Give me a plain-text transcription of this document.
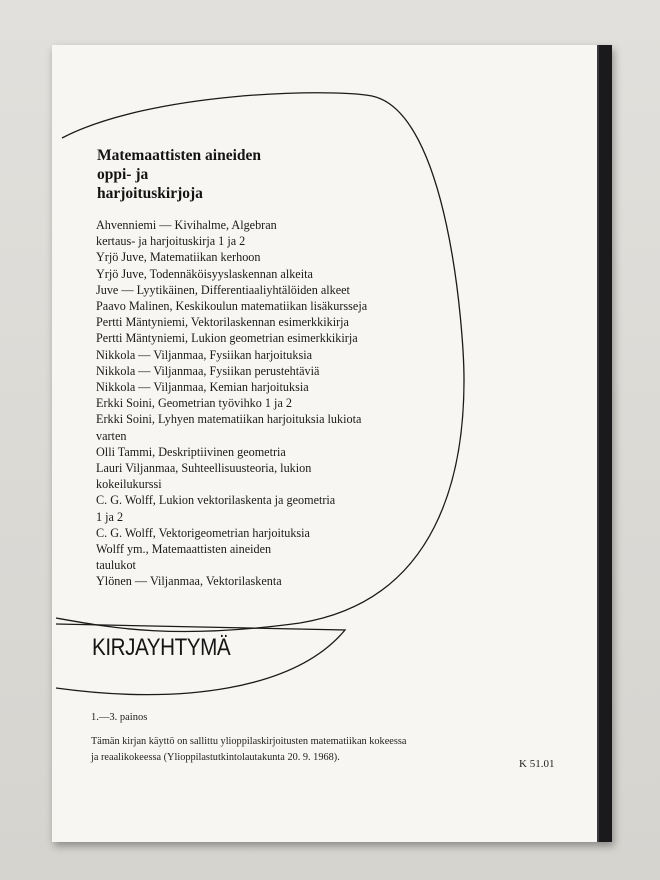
Matemaattisten aineiden
oppi- ja
harjoituskirjoja
Ahvenniemi — Kivihalme, Algebran
kertaus- ja harjoituskirja 1 ja 2
Yrjö Juve, Matematiikan kerhoon
Yrjö Juve, Todennäköisyyslaskennan alkeita
Juve — Lyytikäinen, Differentiaaliyhtälöiden alkeet
Paavo Malinen, Keskikoulun matematiikan lisäkursseja
Pertti Mäntyniemi, Vektorilaskennan esimerkkikirja
Pertti Mäntyniemi, Lukion geometrian esimerkkikirja
Nikkola — Viljanmaa, Fysiikan harjoituksia
Nikkola — Viljanmaa, Fysiikan perustehtäviä
Nikkola — Viljanmaa, Kemian harjoituksia
Erkki Soini, Geometrian työvihko 1 ja 2
Erkki Soini, Lyhyen matematiikan harjoituksia lukiota
varten
Olli Tammi, Deskriptiivinen geometria
Lauri Viljanmaa, Suhteellisuusteoria, lukion
kokeilukurssi
C. G. Wolff, Lukion vektorilaskenta ja geometria
1 ja 2
C. G. Wolff, Vektorigeometrian harjoituksia
Wolff ym., Matemaattisten aineiden
taulukot
Ylönen — Viljanmaa, Vektorilaskenta
KIRJAYHTYMÄ
1.—3. painos
Tämän kirjan käyttö on sallittu ylioppilaskirjoitusten matematiikan kokeessa
ja reaalikokeessa (Ylioppilastutkintolautakunta 20. 9. 1968).
K 51.01
